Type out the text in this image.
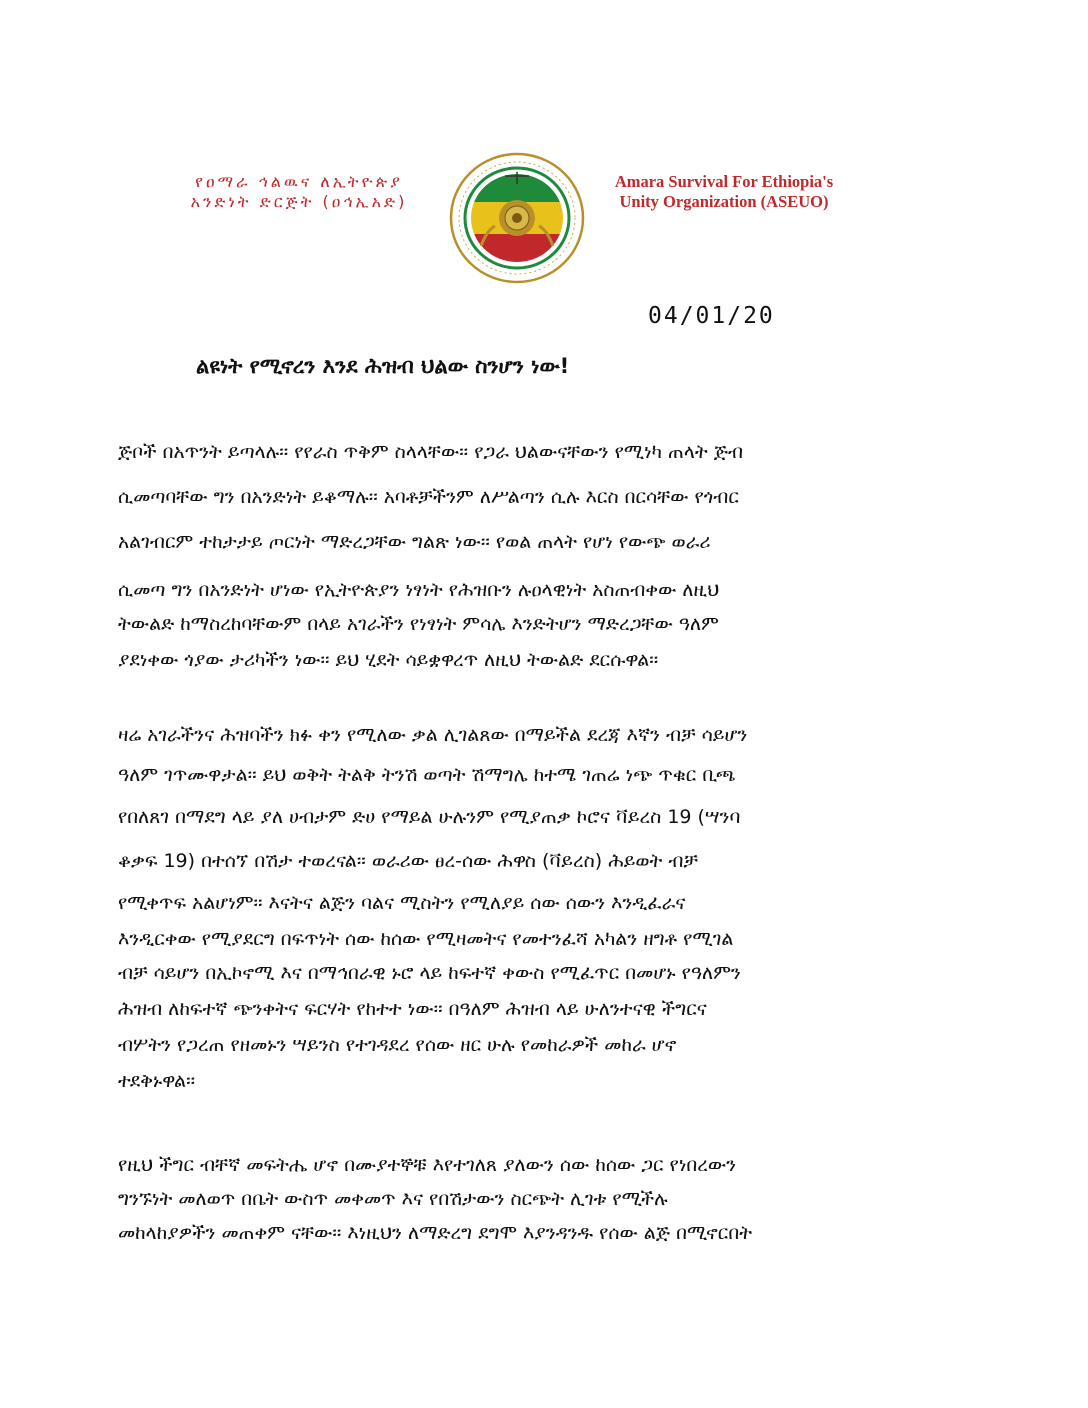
የዐማራ ኅልዉና ለኢትዮጵያ
አንድነት ድርጅት (ዐኅኢአድ)
Amara Survival For Ethiopia's
Unity Organization (ASEUO)
04/01/20
ልዩነት የሚኖረን እንደ ሕዝብ ህልው ስንሆን ነው!
ጅቦች በአጥንት ይጣላሉ፡፡ የየራስ ጥቅም ስላላቸው፡፡ የጋራ ህልውናቸውን የሚነካ ጠላት ጅብ
ሲመጣባቸው ግን በአንድነት ይቆማሉ፡፡ አባቶቻችንም ለሥልጣን ሲሉ እርስ በርሳቸው የጎብር
አልገብርም ተከታታይ ጦርነት ማድረጋቸው ግልጽ ነው፡፡ የወል ጠላት የሆነ የውጭ ወራሪ
ሲመጣ ግን በአንድነት ሆነው የኢትዮጵያን ነፃነት የሕዝቡን ሉዐላዊነት አስጠብቀው ለዚህ
ትውልድ ከማስረከባቸውም በላይ አገራችን የነፃነት ምሳሌ እንድትሆን ማድረጋቸው ዓለም
ያደነቀው ጎያው ታሪካችን ነው፡፡ ይህ ሂደት ሳይቋዋረጥ ለዚህ ትውልድ ደርሱዋል፡፡
ዛሬ አገራችንና ሕዝባችን ክፉ ቀን የሚለው ቃል ሊገልጸው በማይችል ደረጃ እኛን ብቻ ሳይሆን
ዓለም ገጥሙዋታል፡፡ ይህ ወቅት ትልቅ ትንሽ ወጣት ሽማግሌ ከተሜ ገጠሬ ነጭ ጥቁር ቢጫ
የበለጸገ በማደግ ላይ ያለ ሀብታም ድሀ የማይል ሁሉንም የሚያጠቃ ኮሮና ቫይረስ 19 (ሣንባ
ቆቃፍ 19) በተሰኘ በሽታ ተወረናል፡፡ ወራሪው ፀረ-ሰው ሕዋስ (ቫይረስ) ሕይወት ብቻ
የሚቀጥፍ አልሆነም፡፡ እናትና ልጅን ባልና ሚስትን የሚለያይ ሰው ሰውን እንዲፈራና
እንዲርቀው የሚያደርግ በፍጥነት ሰው ከሰው የሚዛመትና የመተንፈሻ አካልን ዘግቶ የሚገል
ብቻ ሳይሆን በኢኮኖሚ እና በማኅበራዊ ኑሮ ላይ ከፍተኛ ቀውስ የሚፈጥር በመሆኑ የዓለምን
ሕዝብ ለከፍተኛ ጭንቀትና ፍርሃት የከተተ ነው፡፡ በዓለም ሕዝብ ላይ ሁለንተናዊ ችግርና
ብሦትን የጋረጠ የዘመኑን ሣይንስ የተገዳደረ የሰው ዘር ሁሉ የመከራዎች መከራ ሆኖ
ተደቅኑዋል፡፡
የዚህ ችግር ብቸኛ መፍትሔ ሆኖ በሙያተኞቹ እየተገለጸ ያለውን ሰው ከሰው ጋር የነበረውን
ግንኙነት መለወጥ በቤት ውስጥ መቀመጥ እና የበሽታውን ስርጭት ሊገቱ የሚችሉ
መከላከያዎችን መጠቀም ናቸው፡፡ እነዚህን ለማድረግ ደግሞ እያንዳንዱ የሰው ልጅ በሚኖርበት
